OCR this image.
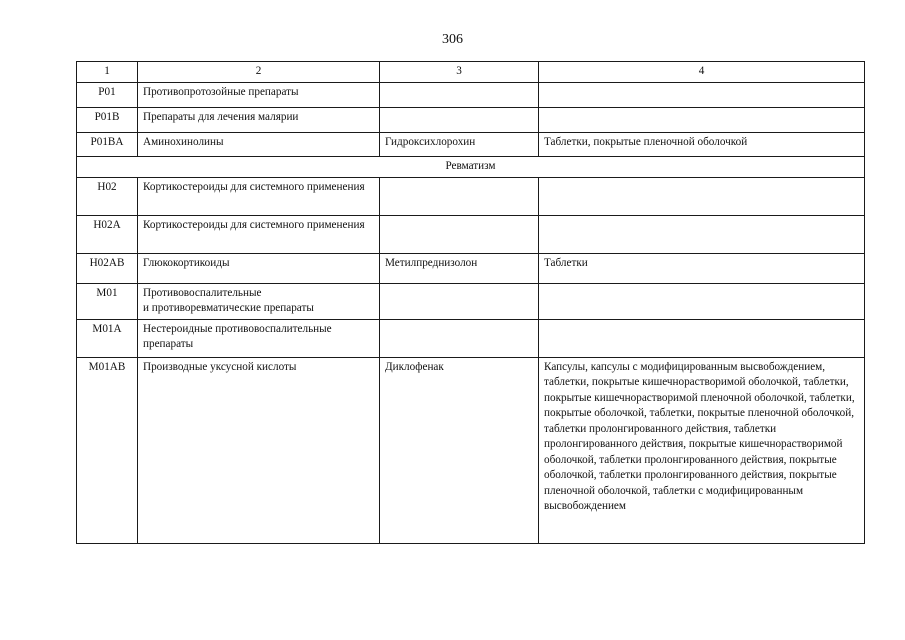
306
1	2	3	4
P01	Противопротозойные препараты		
P01B	Препараты для лечения малярии		
P01BA	Аминохинолины	Гидроксихлорохин	Таблетки, покрытые пленочной оболочкой
Ревматизм			
H02	Кортикостероиды для системного применения		
H02A	Кортикостероиды для системного применения		
H02AB	Глюкокортикоиды	Метилпреднизолон	Таблетки
M01	Противовоспалительные
и противоревматические препараты		
M01A	Нестероидные противовоспалительные препараты		
M01AB	Производные уксусной кислоты	Диклофенак	Капсулы, капсулы с модифицированным высвобождением, таблетки, покрытые кишечнорастворимой оболочкой, таблетки, покрытые кишечнорастворимой пленочной оболочкой, таблетки, покрытые оболочкой, таблетки, покрытые пленочной оболочкой, таблетки пролонгированного действия, таблетки пролонгированного действия, покрытые кишечнорастворимой оболочкой, таблетки пролонгированного действия, покрытые оболочкой, таблетки пролонгированного действия, покрытые пленочной оболочкой, таблетки с модифицированным высвобождением
